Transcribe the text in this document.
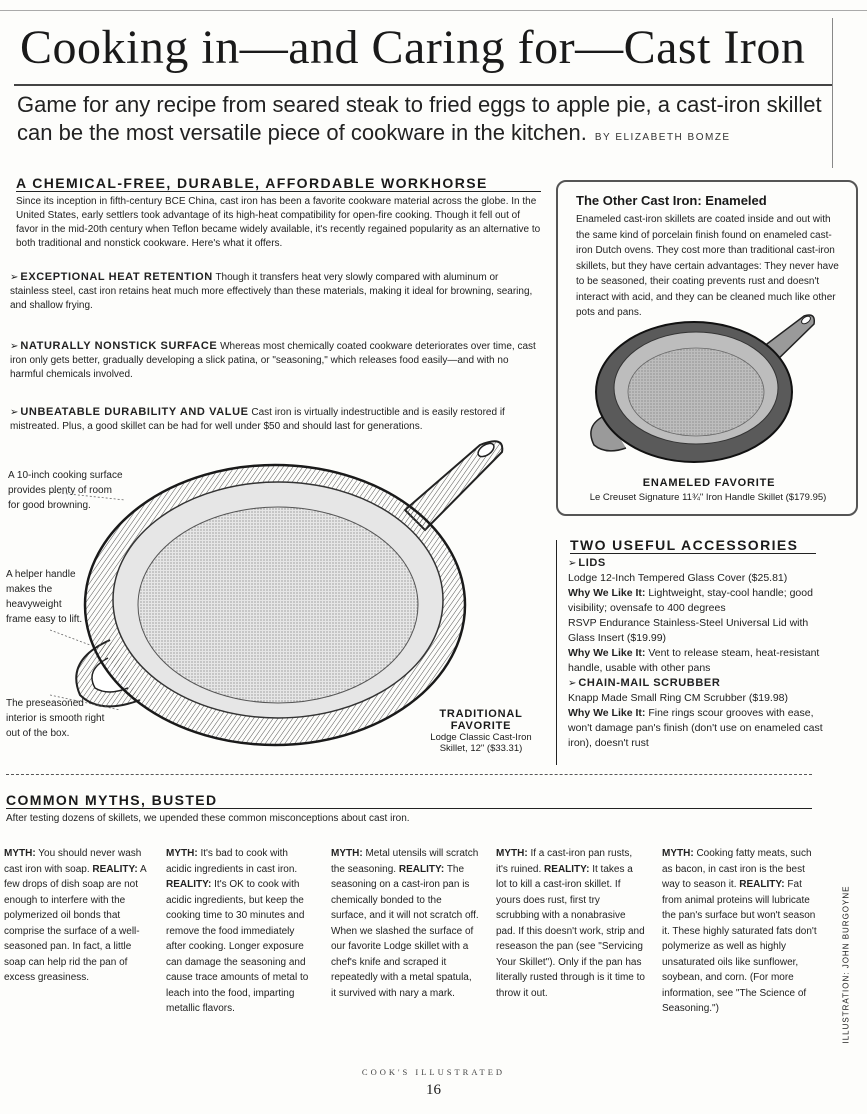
Cooking in—and Caring for—Cast Iron

Game for any recipe from seared steak to fried eggs to apple pie, a cast-iron skillet can be the most versatile piece of cookware in the kitchen. BY ELIZABETH BOMZE

A CHEMICAL-FREE, DURABLE, AFFORDABLE WORKHORSE

Since its inception in fifth-century BCE China, cast iron has been a favorite cookware material across the globe. In the United States, early settlers took advantage of its high-heat compatibility for open-fire cooking. Though it fell out of favor in the mid-20th century when Teflon became widely available, it's recently regained popularity as an alternative to both traditional and nonstick cookware. Here's what it offers.

➢ EXCEPTIONAL HEAT RETENTION Though it transfers heat very slowly compared with aluminum or stainless steel, cast iron retains heat much more effectively than these materials, making it ideal for browning, searing, and shallow frying.

➢ NATURALLY NONSTICK SURFACE Whereas most chemically coated cookware deteriorates over time, cast iron only gets better, gradually developing a slick patina, or "seasoning," which releases food easily—and with no harmful chemicals involved.

➢ UNBEATABLE DURABILITY AND VALUE Cast iron is virtually indestructible and is easily restored if mistreated. Plus, a good skillet can be had for well under $50 and should last for generations.

A 10-inch cooking surface provides plenty of room for good browning.

A helper handle makes the heavyweight frame easy to lift.

The preseasoned interior is smooth right out of the box.

TRADITIONAL
FAVORITE
Lodge Classic Cast-Iron
Skillet, 12" ($33.31)
The Other Cast Iron: Enameled

Enameled cast-iron skillets are coated inside and out with the same kind of porcelain finish found on enameled cast-iron Dutch ovens. They cost more than traditional cast-iron skillets, but they have certain advantages: They never have to be seasoned, their coating prevents rust and doesn't interact with acid, and they can be cleaned much like other pots and pans.

ENAMELED FAVORITE
Le Creuset Signature 11¾" Iron Handle Skillet ($179.95)
TWO USEFUL ACCESSORIES

➢ LIDS

Lodge 12-Inch Tempered Glass Cover ($25.81)

Why We Like It: Lightweight, stay-cool handle; good visibility; ovensafe to 400 degrees

RSVP Endurance Stainless-Steel Universal Lid with Glass Insert ($19.99)

Why We Like It: Vent to release steam, heat-resistant handle, usable with other pans

➢ CHAIN-MAIL SCRUBBER

Knapp Made Small Ring CM Scrubber ($19.98)

Why We Like It: Fine rings scour grooves with ease, won't damage pan's finish (don't use on enameled cast iron), doesn't rust

COMMON MYTHS, BUSTED

After testing dozens of skillets, we upended these common misconceptions about cast iron.

MYTH: You should never wash cast iron with soap. REALITY: A few drops of dish soap are not enough to interfere with the polymerized oil bonds that comprise the surface of a well-seasoned pan. In fact, a little soap can help rid the pan of excess greasiness.
MYTH: It's bad to cook with acidic ingredients in cast iron. REALITY: It's OK to cook with acidic ingredients, but keep the cooking time to 30 minutes and remove the food immediately after cooking. Longer exposure can damage the seasoning and cause trace amounts of metal to leach into the food, imparting metallic flavors.
MYTH: Metal utensils will scratch the seasoning. REALITY: The seasoning on a cast-iron pan is chemically bonded to the surface, and it will not scratch off. When we slashed the surface of our favorite Lodge skillet with a chef's knife and scraped it repeatedly with a metal spatula, it survived with nary a mark.
MYTH: If a cast-iron pan rusts, it's ruined. REALITY: It takes a lot to kill a cast-iron skillet. If yours does rust, first try scrubbing with a nonabrasive pad. If this doesn't work, strip and reseason the pan (see "Servicing Your Skillet"). Only if the pan has literally rusted through is it time to throw it out.
MYTH: Cooking fatty meats, such as bacon, in cast iron is the best way to season it. REALITY: Fat from animal proteins will lubricate the pan's surface but won't season it. These highly saturated fats don't polymerize as well as highly unsaturated oils like sunflower, soybean, and corn. (For more information, see "The Science of Seasoning.")	ILLUSTRATION: JOHN BURGOYNE
COOK'S ILLUSTRATED
16
